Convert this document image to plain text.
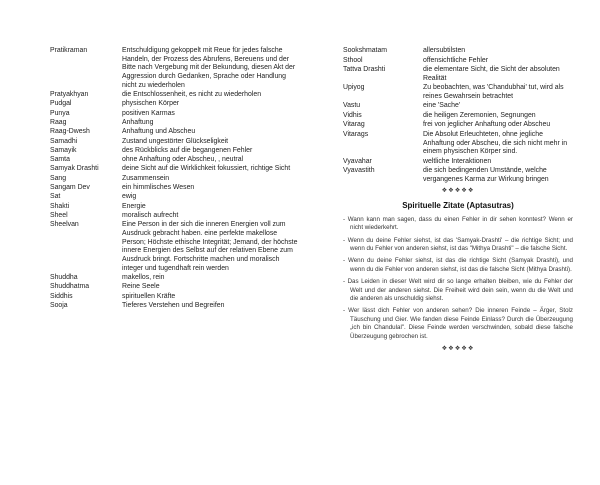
Pratikraman	Entschuldigung gekoppelt mit Reue für jedes falsche Handeln, der Prozess des Abrufens, Bereuens und der Bitte nach Vergebung mit der Bekundung, diesen Akt der Aggression durch Gedanken, Sprache oder Handlung nicht zu wiederholen
Pratyakhyan	die Entschlossenheit, es nicht zu wiederholen
Pudgal	physischen Körper
Punya	positiven Karmas
Raag	Anhaftung
Raag-Dwesh	Anhaftung und Abscheu
Samadhi	Zustand ungestörter Glückseligkeit
Samayik	des Rückblicks auf die begangenen Fehler
Samta	ohne Anhaftung oder Abscheu, , neutral
Samyak Drashti	deine Sicht auf die Wirklichkeit fokussiert, richtige Sicht
Sang	Zusammensein
Sangam Dev	ein himmlisches Wesen
Sat	ewig
Shakti	Energie
Sheel	moralisch aufrecht
Sheelvan	Eine Person in der sich die inneren Energien voll zum Ausdruck gebracht haben. eine perfekte makellose Person; Höchste ethische Integrität; Jemand, der höchste innere Energien des Selbst auf der relativen Ebene zum Ausdruck bringt. Fortschritte machen und moralisch integer und tugendhaft rein werden
Shuddha	makellos, rein
Shuddhatma	Reine Seele
Siddhis	spirituellen Kräfte
Sooja	Tieferes Verstehen und Begreifen
Sookshmatam	allersubtilsten
Sthool	offensichtliche Fehler
Tattva Drashti	die elementare Sicht, die Sicht der absoluten Realität
Upiyog	Zu beobachten, was 'Chandubhai' tut, wird als reines Gewahrsein betrachtet
Vastu	eine 'Sache'
Vidhis	die heiligen Zeremonien, Segnungen
Vitarag	frei von jeglicher Anhaftung oder Abscheu
Vitarags	Die Absolut Erleuchteten, ohne jegliche Anhaftung oder Abscheu, die sich nicht mehr in einem physischen Körper sind.
Vyavahar	weltliche Interaktionen
Vyavastith	die sich bedingenden Umstände, welche vergangenes Karma zur Wirkung bringen
❖❖❖❖❖
Spirituelle Zitate (Aptasutras)
- Wann kann man sagen, dass du einen Fehler in dir sehen konntest? Wenn er nicht wiederkehrt.
- Wenn du deine Fehler siehst, ist das 'Samyak-Drashti' – die richtige Sicht; und wenn du Fehler von anderen siehst, ist das "Mithya Drashti" – die falsche Sicht.
- Wenn du deine Fehler siehst, ist das die richtige Sicht (Samyak Drashti), und wenn du die Fehler von anderen siehst, ist das die falsche Sicht (Mithya Drashti).
- Das Leiden in dieser Welt wird dir so lange erhalten bleiben, wie du Fehler der Welt und der anderen siehst. Die Freiheit wird dein sein, wenn du die Welt und die anderen als unschuldig siehst.
- Wer lässt dich Fehler von anderen sehen? Die inneren Feinde – Ärger, Stolz Täuschung und Gier. Wie fanden diese Feinde Einlass? Durch die Überzeugung „ich bin Chandulal". Diese Feinde werden verschwinden, sobald diese falsche Überzeugung gebrochen ist.
❖❖❖❖❖
